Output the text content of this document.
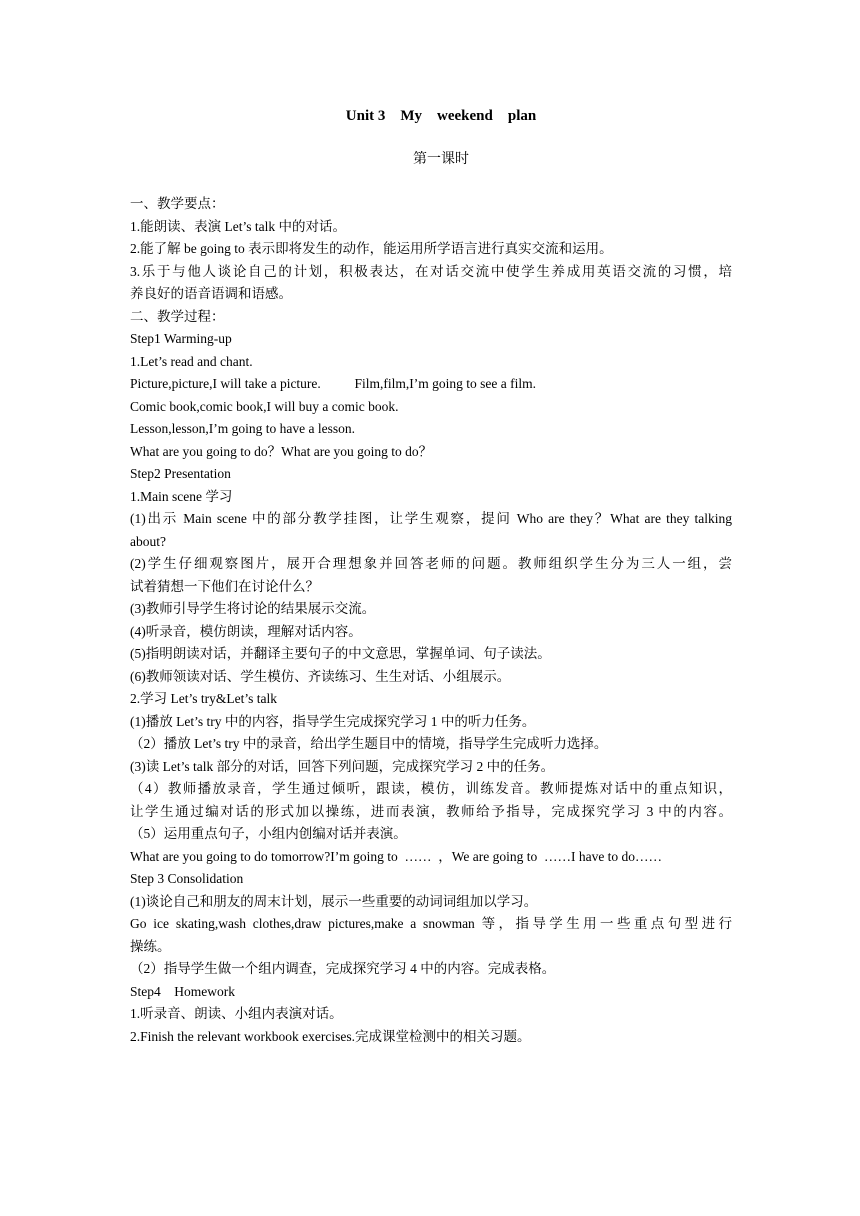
Unit 3    My    weekend    plan
第一课时
一、教学要点：
1.能朗读、表演 Let’s talk 中的对话。
2.能了解 be going to 表示即将发生的动作，能运用所学语言进行真实交流和运用。
3.乐于与他人谈论自己的计划，积极表达，在对话交流中使学生养成用英语交流的习惯，培
养良好的语音语调和语感。
二、教学过程：
Step1 Warming-up
1.Let’s read and chant.
Picture,picture,I will take a picture.          Film,film,I’m going to see a film.
Comic book,comic book,I will buy a comic book.
Lesson,lesson,I’m going to have a lesson.
What are you going to do？What are you going to do？
Step2 Presentation
1.Main scene 学习
(1)出示 Main scene 中的部分教学挂图，让学生观察，提问 Who are they？What are they talking
about?
(2)学生仔细观察图片，展开合理想象并回答老师的问题。教师组织学生分为三人一组，尝
试着猜想一下他们在讨论什么？
(3)教师引导学生将讨论的结果展示交流。
(4)听录音，模仿朗读，理解对话内容。
(5)指明朗读对话，并翻译主要句子的中文意思，掌握单词、句子读法。
(6)教师领读对话、学生模仿、齐读练习、生生对话、小组展示。
2.学习 Let’s try&Let’s talk
(1)播放 Let’s try 中的内容，指导学生完成探究学习 1 中的听力任务。
（2）播放 Let’s try 中的录音，给出学生题目中的情境，指导学生完成听力选择。
(3)读 Let’s talk 部分的对话，回答下列问题，完成探究学习 2 中的任务。
（4）教师播放录音，学生通过倾听，跟读，模仿，训练发音。教师提炼对话中的重点知识，
让学生通过编对话的形式加以操练，进而表演，教师给予指导，完成探究学习 3 中的内容。
（5）运用重点句子，小组内创编对话并表演。
What are you going to do tomorrow?I’m going to  ……  ，We are going to  ……I have to do……
Step 3 Consolidation
(1)谈论自己和朋友的周末计划，展示一些重要的动词词组加以学习。
Go ice skating,wash clothes,draw pictures,make a snowman 等，指导学生用一些重点句型进行
操练。
（2）指导学生做一个组内调查，完成探究学习 4 中的内容。完成表格。
Step4    Homework
1.听录音、朗读、小组内表演对话。
2.Finish the relevant workbook exercises.完成课堂检测中的相关习题。
